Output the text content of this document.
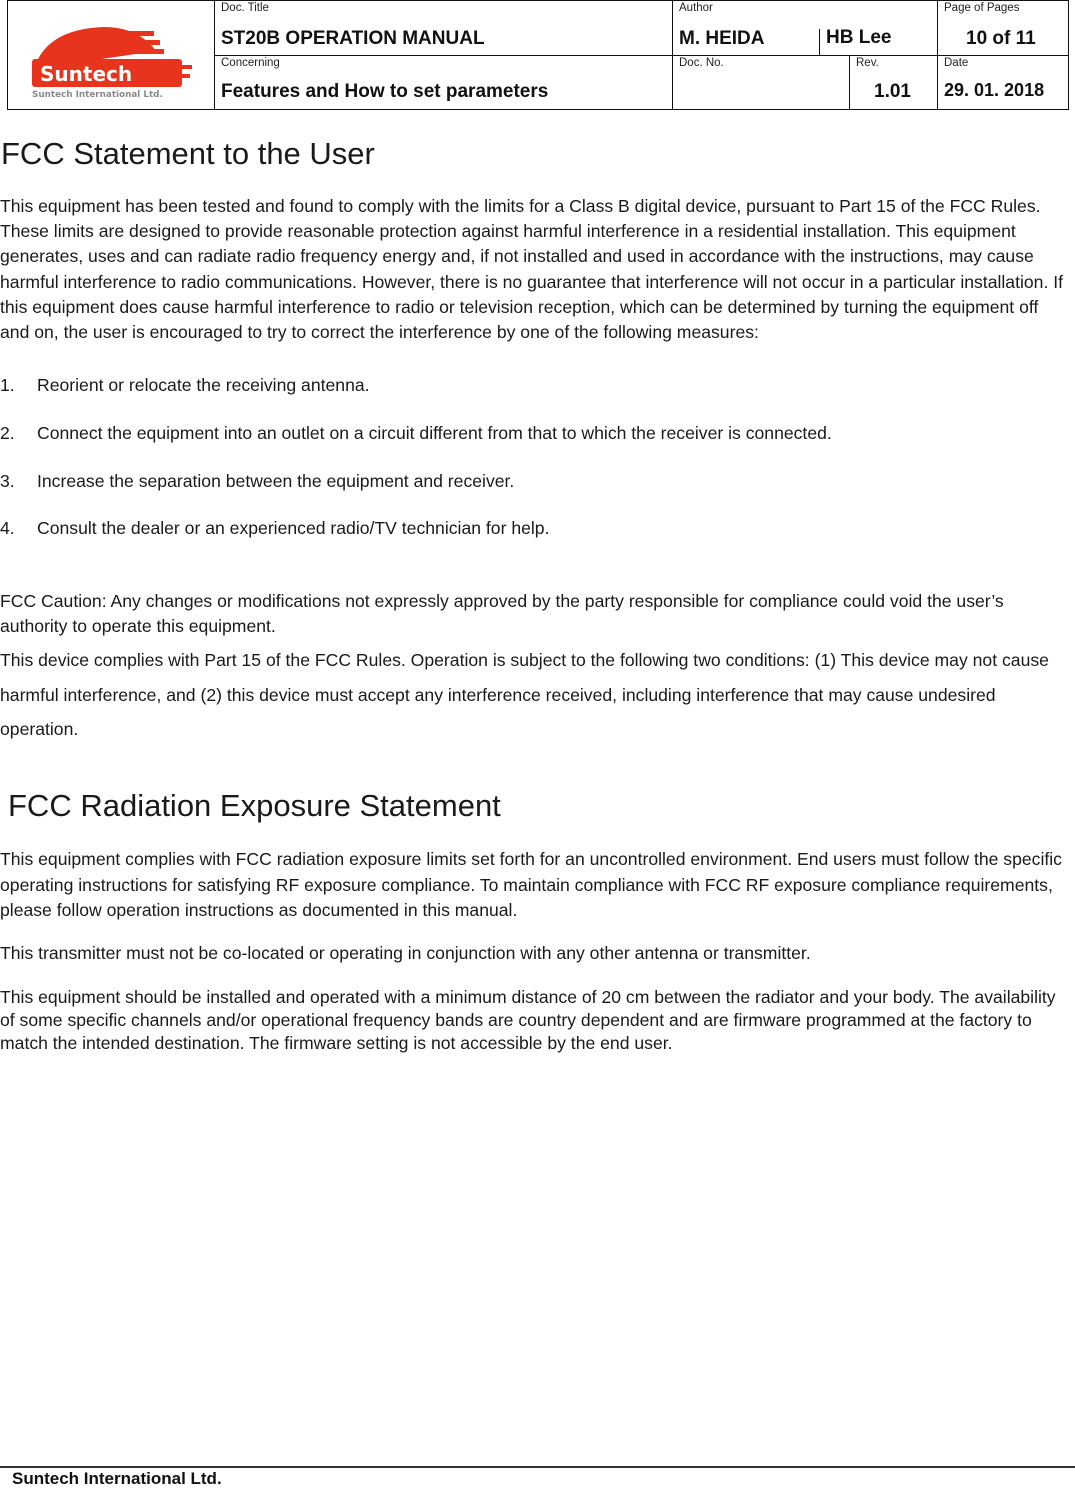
Suntech
Suntech International Ltd.
Doc. Title
ST20B OPERATION MANUAL
Author
M. HEIDA	HB Lee
Page of Pages
10 of 11
Concerning
Features and How to set parameters
Doc. No.	Rev.
1.01
Date
29. 01. 2018
FCC Statement to the User
This equipment has been tested and found to comply with the limits for a Class B digital device, pursuant to Part 15 of the FCC Rules. These limits are designed to provide reasonable protection against harmful interference in a residential installation. This equipment generates, uses and can radiate radio frequency energy and, if not installed and used in accordance with the instructions, may cause harmful interference to radio communications. However, there is no guarantee that interference will not occur in a particular installation. If this equipment does cause harmful interference to radio or television reception, which can be determined by turning the equipment off and on, the user is encouraged to try to correct the interference by one of the following measures:
1. Reorient or relocate the receiving antenna.
2. Connect the equipment into an outlet on a circuit different from that to which the receiver is connected.
3. Increase the separation between the equipment and receiver.
4. Consult the dealer or an experienced radio/TV technician for help.
FCC Caution: Any changes or modifications not expressly approved by the party responsible for compliance could void the user’s authority to operate this equipment.
This device complies with Part 15 of the FCC Rules. Operation is subject to the following two conditions: (1) This device may not cause harmful interference, and (2) this device must accept any interference received, including interference that may cause undesired operation.
FCC Radiation Exposure Statement
This equipment complies with FCC radiation exposure limits set forth for an uncontrolled environment. End users must follow the specific operating instructions for satisfying RF exposure compliance. To maintain compliance with FCC RF exposure compliance requirements, please follow operation instructions as documented in this manual.
This transmitter must not be co-located or operating in conjunction with any other antenna or transmitter.
This equipment should be installed and operated with a minimum distance of 20 cm between the radiator and your body. The availability of some specific channels and/or operational frequency bands are country dependent and are firmware programmed at the factory to match the intended destination. The firmware setting is not accessible by the end user.
Suntech International Ltd.
